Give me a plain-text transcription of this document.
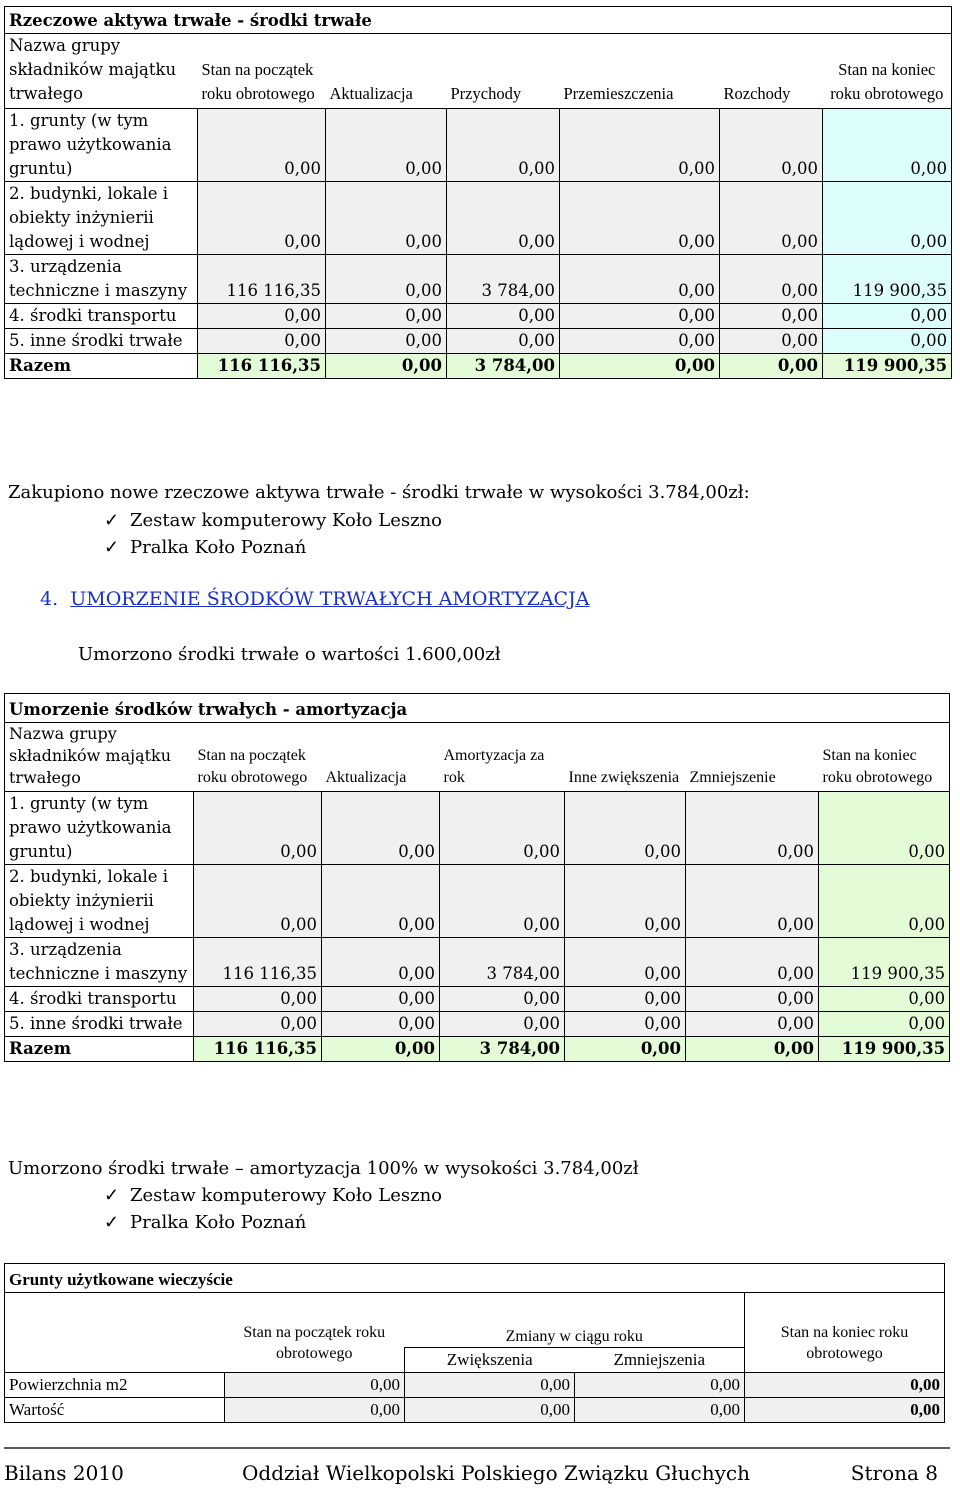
Rzeczowe aktywa trwałe - środki trwałe						
Nazwa grupy składników majątku trwałego	Stan na początek roku obrotowego	Aktualizacja	Przychody	Przemieszczenia	Rozchody	Stan na koniec roku obrotowego
1. grunty (w tym prawo użytkowania gruntu)	0,00	0,00	0,00	0,00	0,00	0,00
2. budynki, lokale i obiekty inżynierii lądowej i wodnej	0,00	0,00	0,00	0,00	0,00	0,00
3. urządzenia techniczne i maszyny	116 116,35	0,00	3 784,00	0,00	0,00	119 900,35
4. środki transportu	0,00	0,00	0,00	0,00	0,00	0,00
5. inne środki trwałe	0,00	0,00	0,00	0,00	0,00	0,00
Razem	116 116,35	0,00	3 784,00	0,00	0,00	119 900,35
Zakupiono nowe rzeczowe aktywa trwałe - środki trwałe w wysokości 3.784,00zł:
✓ Zestaw komputerowy Koło Leszno
✓ Pralka Koło Poznań
4. UMORZENIE ŚRODKÓW TRWAŁYCH AMORTYZACJA
Umorzono środki trwałe o wartości 1.600,00zł
Umorzenie środków trwałych - amortyzacja						
Nazwa grupy składników majątku trwałego	Stan na początek roku obrotowego	Aktualizacja	Amortyzacja za rok	Inne zwiększenia	Zmniejszenie	Stan na koniec roku obrotowego
1. grunty (w tym prawo użytkowania gruntu)	0,00	0,00	0,00	0,00	0,00	0,00
2. budynki, lokale i obiekty inżynierii lądowej i wodnej	0,00	0,00	0,00	0,00	0,00	0,00
3. urządzenia techniczne i maszyny	116 116,35	0,00	3 784,00	0,00	0,00	119 900,35
4. środki transportu	0,00	0,00	0,00	0,00	0,00	0,00
5. inne środki trwałe	0,00	0,00	0,00	0,00	0,00	0,00
Razem	116 116,35	0,00	3 784,00	0,00	0,00	119 900,35
Umorzono środki trwałe – amortyzacja 100% w wysokości 3.784,00zł
✓ Zestaw komputerowy Koło Leszno
✓ Pralka Koło Poznań
Grunty użytkowane wieczyście				
	Stan na początek roku obrotowego	Zmiany w ciągu roku		Stan na koniec roku obrotowego
		Zwiększenia	Zmniejszenia	
Powierzchnia m2	0,00	0,00	0,00	0,00
Wartość	0,00	0,00	0,00	0,00
Bilans 2010	Oddział Wielkopolski Polskiego Związku Głuchych	Strona 8
